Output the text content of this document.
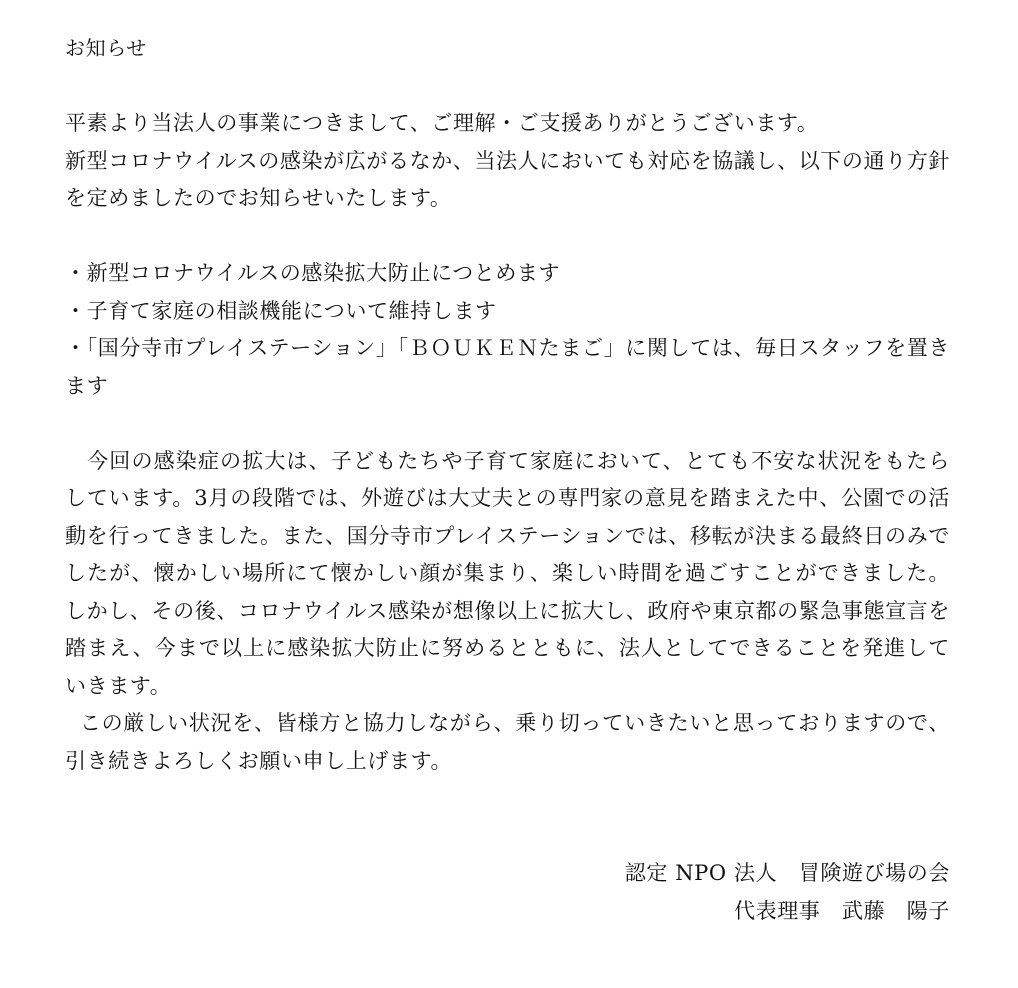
お知らせ

平素より当法人の事業につきまして、ご理解・ご支援ありがとうございます。

新型コロナウイルスの感染が広がるなか、当法人においても対応を協議し、以下の通り方針を定めましたのでお知らせいたします。

・新型コロナウイルスの感染拡大防止につとめます
・子育て家庭の相談機能について維持します
・「国分寺市プレイステーション」「ＢＯＵＫＥＮたまご」に関しては、毎日スタッフを置きます

　今回の感染症の拡大は、子どもたちや子育て家庭において、とても不安な状況をもたらしています。3月の段階では、外遊びは大丈夫との専門家の意見を踏まえた中、公園での活動を行ってきました。また、国分寺市プレイステーションでは、移転が決まる最終日のみでしたが、懐かしい場所にて懐かしい顔が集まり、楽しい時間を過ごすことができました。しかし、その後、コロナウイルス感染が想像以上に拡大し、政府や東京都の緊急事態宣言を踏まえ、今まで以上に感染拡大防止に努めるとともに、法人としてできることを発進していきます。

この厳しい状況を、皆様方と協力しながら、乗り切っていきたいと思っておりますので、引き続きよろしくお願い申し上げます。

認定 NPO 法人　冒険遊び場の会

代表理事　武藤　陽子
